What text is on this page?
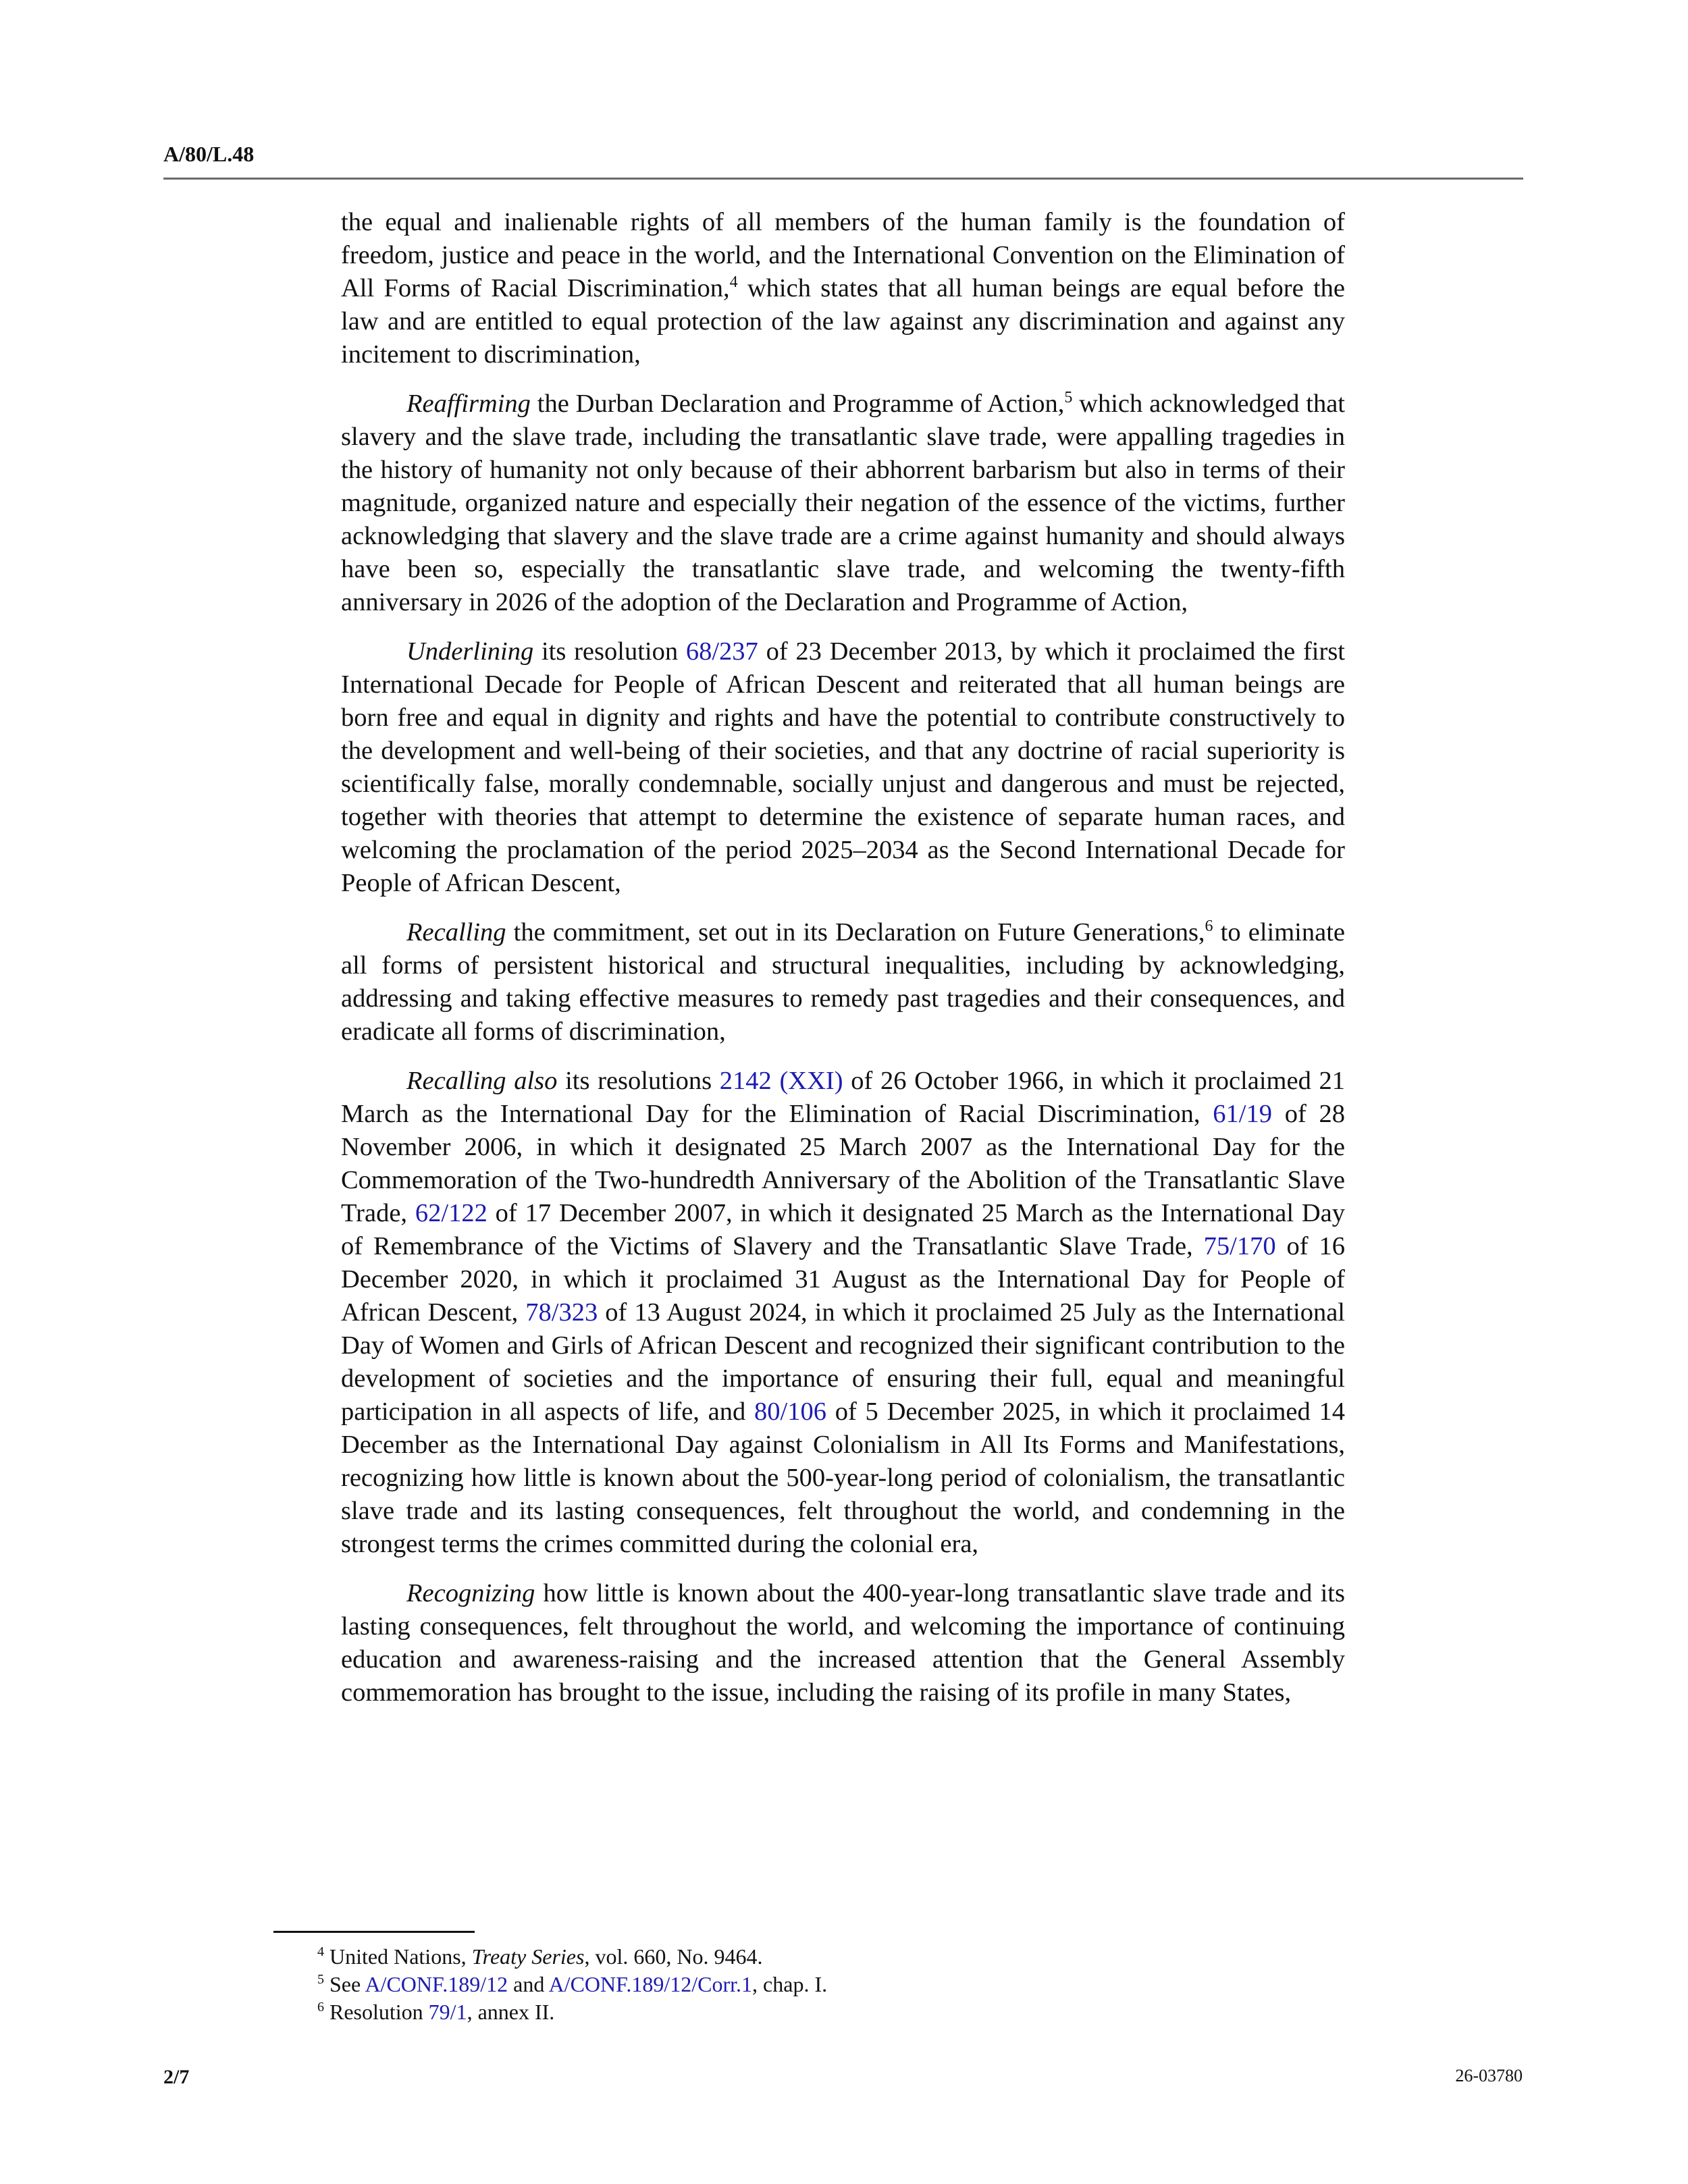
A/80/L.48

the equal and inalienable rights of all members of the human family is the foundation of freedom, justice and peace in the world, and the International Convention on the Elimination of All Forms of Racial Discrimination,$^4$ which states that all human beings are equal before the law and are entitled to equal protection of the law against any discrimination and against any incitement to discrimination,

Reaffirming the Durban Declaration and Programme of Action,$^5$ which acknowledged that slavery and the slave trade, including the transatlantic slave trade, were appalling tragedies in the history of humanity not only because of their abhorrent barbarism but also in terms of their magnitude, organized nature and especially their negation of the essence of the victims, further acknowledging that slavery and the slave trade are a crime against humanity and should always have been so, especially the transatlantic slave trade, and welcoming the twenty-fifth anniversary in 2026 of the adoption of the Declaration and Programme of Action,

Underlining its resolution 68/237 of 23 December 2013, by which it proclaimed the first International Decade for People of African Descent and reiterated that all human beings are born free and equal in dignity and rights and have the potential to contribute constructively to the development and well-being of their societies, and that any doctrine of racial superiority is scientifically false, morally condemnable, socially unjust and dangerous and must be rejected, together with theories that attempt to determine the existence of separate human races, and welcoming the proclamation of the period 2025–2034 as the Second International Decade for People of African Descent,

Recalling the commitment, set out in its Declaration on Future Generations,$^6$ to eliminate all forms of persistent historical and structural inequalities, including by acknowledging, addressing and taking effective measures to remedy past tragedies and their consequences, and eradicate all forms of discrimination,

Recalling also its resolutions 2142 (XXI) of 26 October 1966, in which it proclaimed 21 March as the International Day for the Elimination of Racial Discrimination, 61/19 of 28 November 2006, in which it designated 25 March 2007 as the International Day for the Commemoration of the Two-hundredth Anniversary of the Abolition of the Transatlantic Slave Trade, 62/122 of 17 December 2007, in which it designated 25 March as the International Day of Remembrance of the Victims of Slavery and the Transatlantic Slave Trade, 75/170 of 16 December 2020, in which it proclaimed 31 August as the International Day for People of African Descent, 78/323 of 13 August 2024, in which it proclaimed 25 July as the International Day of Women and Girls of African Descent and recognized their significant contribution to the development of societies and the importance of ensuring their full, equal and meaningful participation in all aspects of life, and 80/106 of 5 December 2025, in which it proclaimed 14 December as the International Day against Colonialism in All Its Forms and Manifestations, recognizing how little is known about the 500-year-long period of colonialism, the transatlantic slave trade and its lasting consequences, felt throughout the world, and condemning in the strongest terms the crimes committed during the colonial era,

Recognizing how little is known about the 400-year-long transatlantic slave trade and its lasting consequences, felt throughout the world, and welcoming the importance of continuing education and awareness-raising and the increased attention that the General Assembly commemoration has brought to the issue, including the raising of its profile in many States,

$^4$ United Nations, Treaty Series, vol. 660, No. 9464.

$^5$ See A/CONF.189/12 and A/CONF.189/12/Corr.1, chap. I.

$^6$ Resolution 79/1, annex II.

2/7	26-03780
